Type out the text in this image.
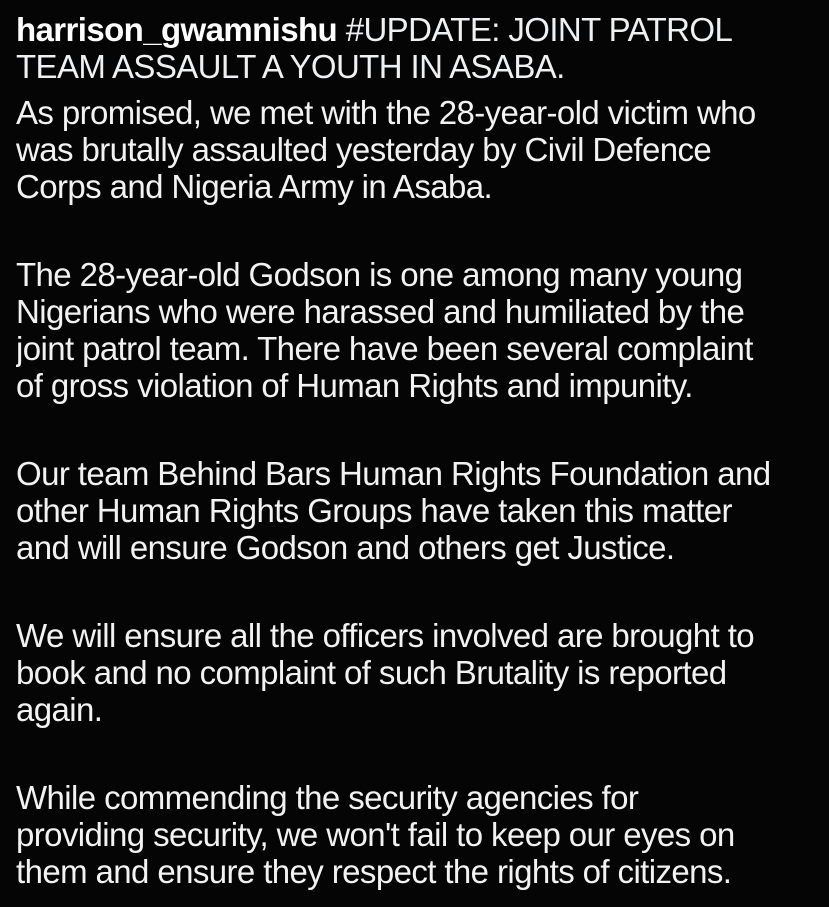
harrison_gwamnishu #UPDATE: JOINT PATROL
TEAM ASSAULT A YOUTH IN ASABA.
As promised, we met with the 28-year-old victim who
was brutally assaulted yesterday by Civil Defence
Corps and Nigeria Army in Asaba.
The 28-year-old Godson is one among many young
Nigerians who were harassed and humiliated by the
joint patrol team. There have been several complaint
of gross violation of Human Rights and impunity.
Our team Behind Bars Human Rights Foundation and
other Human Rights Groups have taken this matter
and will ensure Godson and others get Justice.
We will ensure all the officers involved are brought to
book and no complaint of such Brutality is reported
again.
While commending the security agencies for
providing security, we won't fail to keep our eyes on
them and ensure they respect the rights of citizens.
